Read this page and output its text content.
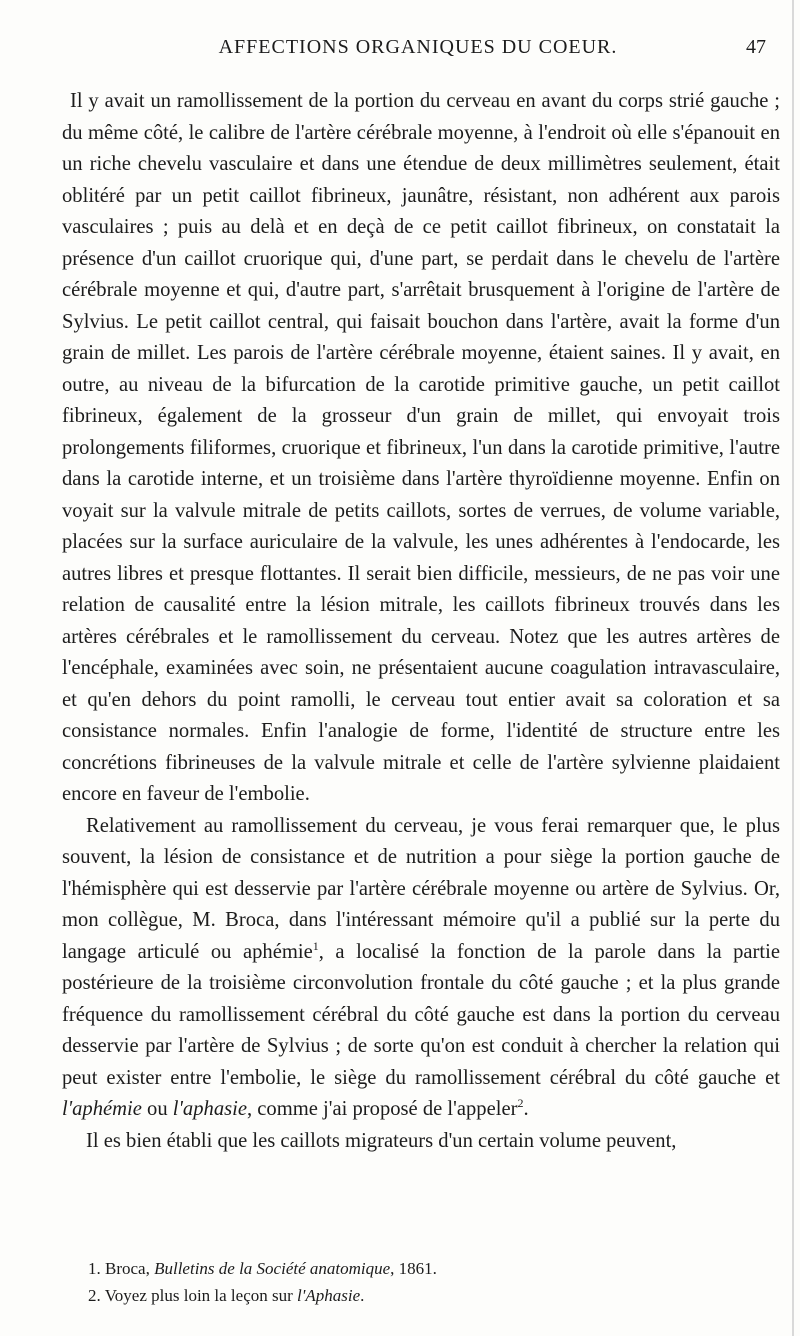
AFFECTIONS ORGANIQUES DU COEUR.	47

Il y avait un ramollissement de la portion du cerveau en avant du corps strié gauche ; du même côté, le calibre de l'artère cérébrale moyenne, à l'endroit où elle s'épanouit en un riche chevelu vasculaire et dans une étendue de deux millimètres seulement, était oblitéré par un petit caillot fibrineux, jaunâtre, résistant, non adhérent aux parois vasculaires ; puis au delà et en deçà de ce petit caillot fibrineux, on constatait la présence d'un caillot cruorique qui, d'une part, se perdait dans le chevelu de l'artère cérébrale moyenne et qui, d'autre part, s'arrêtait brusquement à l'origine de l'artère de Sylvius. Le petit caillot central, qui faisait bouchon dans l'artère, avait la forme d'un grain de millet. Les parois de l'artère cérébrale moyenne, étaient saines. Il y avait, en outre, au niveau de la bifurcation de la carotide primitive gauche, un petit caillot fibrineux, également de la grosseur d'un grain de millet, qui envoyait trois prolongements filiformes, cruorique et fibrineux, l'un dans la carotide primitive, l'autre dans la carotide interne, et un troisième dans l'artère thyroïdienne moyenne. Enfin on voyait sur la valvule mitrale de petits caillots, sortes de verrues, de volume variable, placées sur la surface auriculaire de la valvule, les unes adhérentes à l'endocarde, les autres libres et presque flottantes. Il serait bien difficile, messieurs, de ne pas voir une relation de causalité entre la lésion mitrale, les caillots fibrineux trouvés dans les artères cérébrales et le ramollissement du cerveau. Notez que les autres artères de l'encéphale, examinées avec soin, ne présentaient aucune coagulation intravasculaire, et qu'en dehors du point ramolli, le cerveau tout entier avait sa coloration et sa consistance normales. Enfin l'analogie de forme, l'identité de structure entre les concrétions fibrineuses de la valvule mitrale et celle de l'artère sylvienne plaidaient encore en faveur de l'embolie.

Relativement au ramollissement du cerveau, je vous ferai remarquer que, le plus souvent, la lésion de consistance et de nutrition a pour siège la portion gauche de l'hémisphère qui est desservie par l'artère cérébrale moyenne ou artère de Sylvius. Or, mon collègue, M. Broca, dans l'intéressant mémoire qu'il a publié sur la perte du langage articulé ou aphémie$^1$, a localisé la fonction de la parole dans la partie postérieure de la troisième circonvolution frontale du côté gauche ; et la plus grande fréquence du ramollissement cérébral du côté gauche est dans la portion du cerveau desservie par l'artère de Sylvius ; de sorte qu'on est conduit à chercher la relation qui peut exister entre l'embolie, le siège du ramollissement cérébral du côté gauche et l'aphémie ou l'aphasie, comme j'ai proposé de l'appeler$^2$.

Il es bien établi que les caillots migrateurs d'un certain volume peuvent,

1. Broca, Bulletins de la Société anatomique, 1861.
2. Voyez plus loin la leçon sur l'Aphasie.
